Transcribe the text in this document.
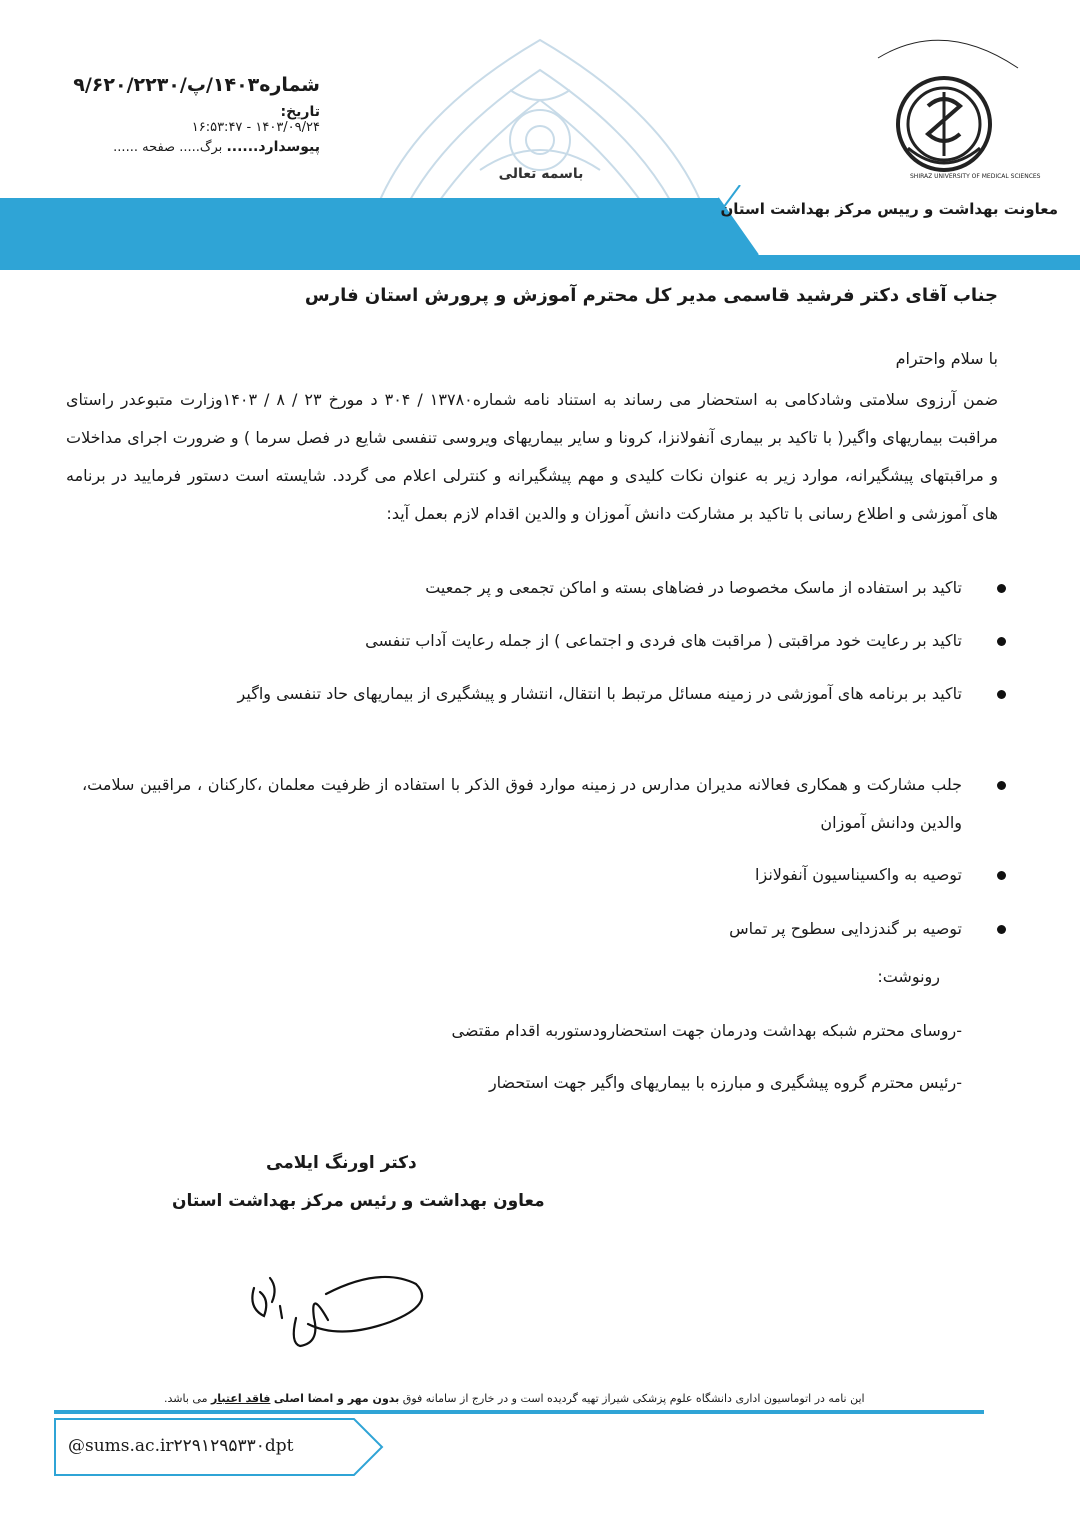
شماره۱۴۰۳/پ/۹/۶۲۰/۲۲۳۰
تاریخ:
۱۴۰۳/۰۹/۲۴ - ۱۶:۵۳:۴۷
پیوسدارد...... برگ..... صفحه ......
باسمه تعالی	SHIRAZ UNIVERSITY OF MEDICAL SCIENCES
معاونت بهداشت و رییس مرکز بهداشت استان
جناب آقای دکتر فرشید قاسمی مدیر کل محترم آموزش و پرورش استان فارس
با سلام واحترام
ضمن آرزوی سلامتی وشادکامی به استحضار می رساند به استناد نامه شماره۱۳۷۸۰ / ۳۰۴ د مورخ ۲۳ / ۸ / ۱۴۰۳وزارت متبوعدر راستای مراقبت بیماریهای واگیر( با تاکید بر بیماری آنفولانزا، کرونا و سایر بیماریهای ویروسی تنفسی شایع در فصل سرما ) و ضرورت اجرای مداخلات و مراقبتهای پیشگیرانه، موارد زیر به عنوان نکات کلیدی و مهم پیشگیرانه و کنترلی اعلام می گردد. شایسته است دستور فرمایید در برنامه های آموزشی و اطلاع رسانی با تاکید بر مشارکت دانش آموزان و والدین اقدام لازم بعمل آید:
تاکید بر استفاده از ماسک مخصوصا در فضاهای بسته و اماکن تجمعی و پر جمعیت
تاکید بر رعایت خود مراقبتی ( مراقبت های فردی و اجتماعی ) از جمله رعایت آداب تنفسی
تاکید بر برنامه های آموزشی در زمینه مسائل مرتبط با انتقال، انتشار و پیشگیری از بیماریهای حاد تنفسی واگیر
جلب مشارکت و همکاری فعالانه مدیران مدارس در زمینه موارد فوق الذکر با استفاده از ظرفیت معلمان ،کارکنان ، مراقبین سلامت، والدین ودانش آموزان
توصیه به واکسیناسیون آنفولانزا
توصیه بر گندزدایی سطوح پر تماس
رونوشت:
-روسای محترم شبکه بهداشت ودرمان جهت استحضارودستوربه اقدام مقتضی
-رئیس محترم گروه پیشگیری و مبارزه با بیماریهای واگیر جهت استحضار
دکتر اورنگ ایلامی
معاون بهداشت و رئیس مرکز بهداشت استان
این نامه در اتوماسیون اداری دانشگاه علوم پزشکی شیراز تهیه گردیده است و در خارج از سامانه فوق بدون مهر و امضا اصلی فاقد اعتبار می باشد.
@sums.ac.ir۲۲۹۱۲۹۵۳۳۰dpt
